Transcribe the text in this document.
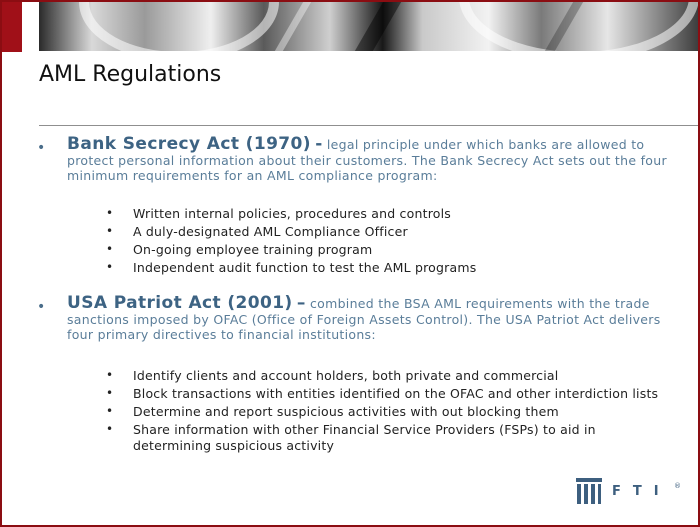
AML Regulations
• Bank Secrecy Act (1970) - legal principle under which banks are allowed to protect personal information about their customers. The Bank Secrecy Act sets out the four minimum requirements for an AML compliance program:
• Written internal policies, procedures and controls
• A duly-designated AML Compliance Officer
• On-going employee training program
• Independent audit function to test the AML programs
• USA Patriot Act (2001) – combined the BSA AML requirements with the trade sanctions imposed by OFAC (Office of Foreign Assets Control). The USA Patriot Act delivers four primary directives to financial institutions:
• Identify clients and account holders, both private and commercial
• Block transactions with entities identified on the OFAC and other interdiction lists
• Determine and report suspicious activities with out blocking them
• Share information with other Financial Service Providers (FSPs) to aid in determining suspicious activity
FTI ®
